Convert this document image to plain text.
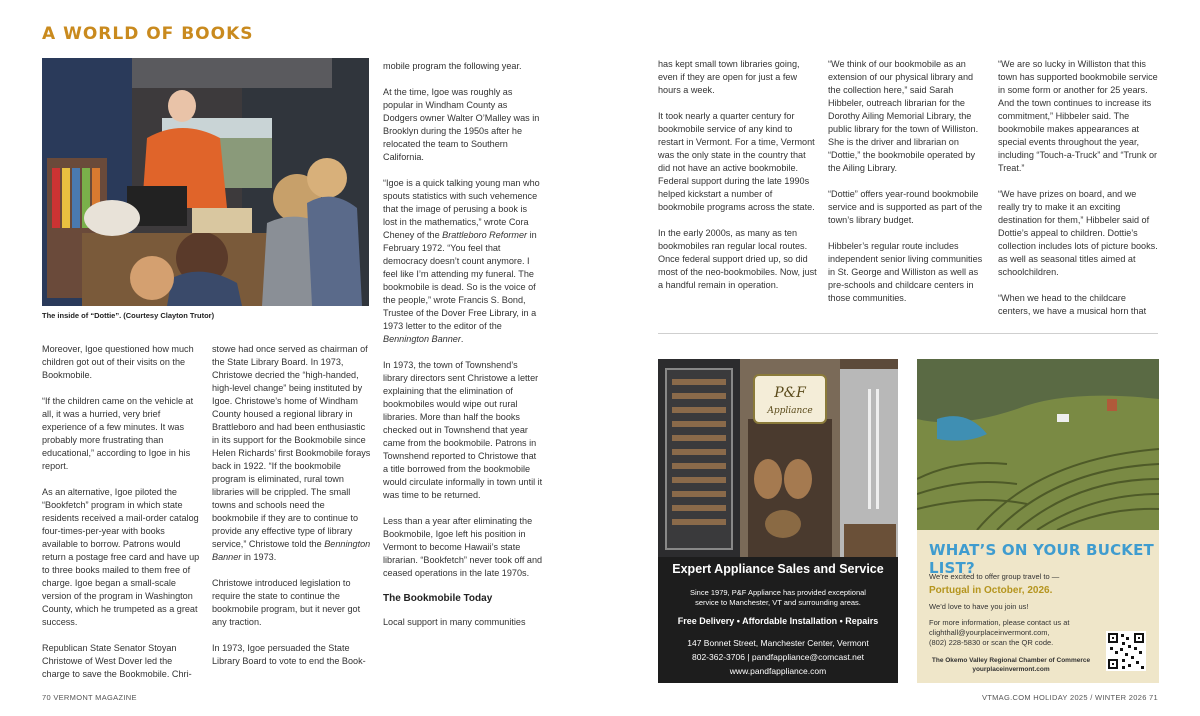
A WORLD OF BOOKS
The inside of “Dottie”. (Courtesy Clayton Trutor)

Moreover, Igoe questioned how much children got out of their visits on the Bookmobile.

“If the children came on the vehicle at all, it was a hurried, very brief experience of a few minutes. It was probably more frustrating than educational,” according to Igoe in his report.

As an alternative, Igoe piloted the “Bookfetch” program in which state residents received a mail-order catalog four-times-per-year with books available to borrow. Patrons would return a postage free card and have up to three books mailed to them free of charge. Igoe began a small-scale version of the program in Washington County, which he trumpeted as a great success.

Republican State Senator Stoyan Christowe of West Dover led the charge to save the Bookmobile. Chri-

stowe had once served as chairman of the State Library Board. In 1973, Christowe decried the “high-handed, high-level change” being instituted by Igoe. Christowe’s home of Windham County housed a regional library in Brattleboro and had been enthusiastic in its support for the Bookmobile since Helen Richards’ first Bookmobile forays back in 1922. “If the bookmobile program is eliminated, rural town libraries will be crippled. The small towns and schools need the bookmobile if they are to continue to provide any effective type of library service,” Christowe told the Bennington Banner in 1973.

Christowe introduced legislation to require the state to continue the bookmobile program, but it never got any traction.

In 1973, Igoe persuaded the State Library Board to vote to end the Book-

mobile program the following year.

At the time, Igoe was roughly as popular in Windham County as Dodgers owner Walter O’Malley was in Brooklyn during the 1950s after he relocated the team to Southern California.

“Igoe is a quick talking young man who spouts statistics with such vehemence that the image of perusing a book is lost in the mathematics,” wrote Cora Cheney of the Brattleboro Reformer in February 1972. “You feel that democracy doesn’t count anymore. I feel like I’m attending my funeral. The bookmobile is dead. So is the voice of the people,” wrote Francis S. Bond, Trustee of the Dover Free Library, in a 1973 letter to the editor of the Bennington Banner.

In 1973, the town of Townshend’s library directors sent Christowe a letter explaining that the elimination of bookmobiles would wipe out rural libraries. More than half the books checked out in Townshend that year came from the bookmobile. Patrons in Townshend reported to Christowe that a title borrowed from the bookmobile would circulate informally in town until it was time to be returned.

Less than a year after eliminating the Bookmobile, Igoe left his position in Vermont to become Hawaii’s state librarian. “Bookfetch” never took off and ceased operations in the late 1970s.

The Bookmobile Today

Local support in many communities

has kept small town libraries going, even if they are open for just a few hours a week.

It took nearly a quarter century for bookmobile service of any kind to restart in Vermont. For a time, Vermont was the only state in the country that did not have an active bookmobile. Federal support during the late 1990s helped kickstart a number of bookmobile programs across the state.

In the early 2000s, as many as ten bookmobiles ran regular local routes. Once federal support dried up, so did most of the neo-bookmobiles. Now, just a handful remain in operation.

“We think of our bookmobile as an extension of our physical library and the collection here,” said Sarah Hibbeler, outreach librarian for the Dorothy Ailing Memorial Library, the public library for the town of Williston. She is the driver and librarian on “Dottie,” the bookmobile operated by the Ailing Library.

“Dottie” offers year-round bookmobile service and is supported as part of the town’s library budget.

Hibbeler’s regular route includes independent senior living communities in St. George and Williston as well as pre-schools and childcare centers in those communities.

“We are so lucky in Williston that this town has supported bookmobile service in some form or another for 25 years. And the town continues to increase its commitment,” Hibbeler said. The bookmobile makes appearances at special events throughout the year, including “Touch-a-Truck” and “Trunk or Treat.”

“We have prizes on board, and we really try to make it an exciting destination for them,” Hibbeler said of Dottie’s appeal to children. Dottie’s collection includes lots of picture books. as well as seasonal titles aimed at schoolchildren.

“When we head to the childcare centers, we have a musical horn that

P&F
Appliance
Expert Appliance Sales and Service
Since 1979, P&F Appliance has provided exceptional
service to Manchester, VT and surrounding areas.
Free Delivery • Affordable Installation • Repairs
147 Bonnet Street, Manchester Center, Vermont
802-362-3706 | pandfappliance@comcast.net
www.pandfappliance.com
WHAT’S ON YOUR BUCKET LIST?
We’re excited to offer group travel to —
Portugal in October, 2026.
We’d love to have you join us!
For more information, please contact us at
clighthall@yourplaceinvermont.com,
(802) 228-5830 or scan the QR code.
The Okemo Valley Regional Chamber of Commerce
yourplaceinvermont.com
70 VERMONT MAGAZINE	VTMAG.COM HOLIDAY 2025 / WINTER 2026 71
